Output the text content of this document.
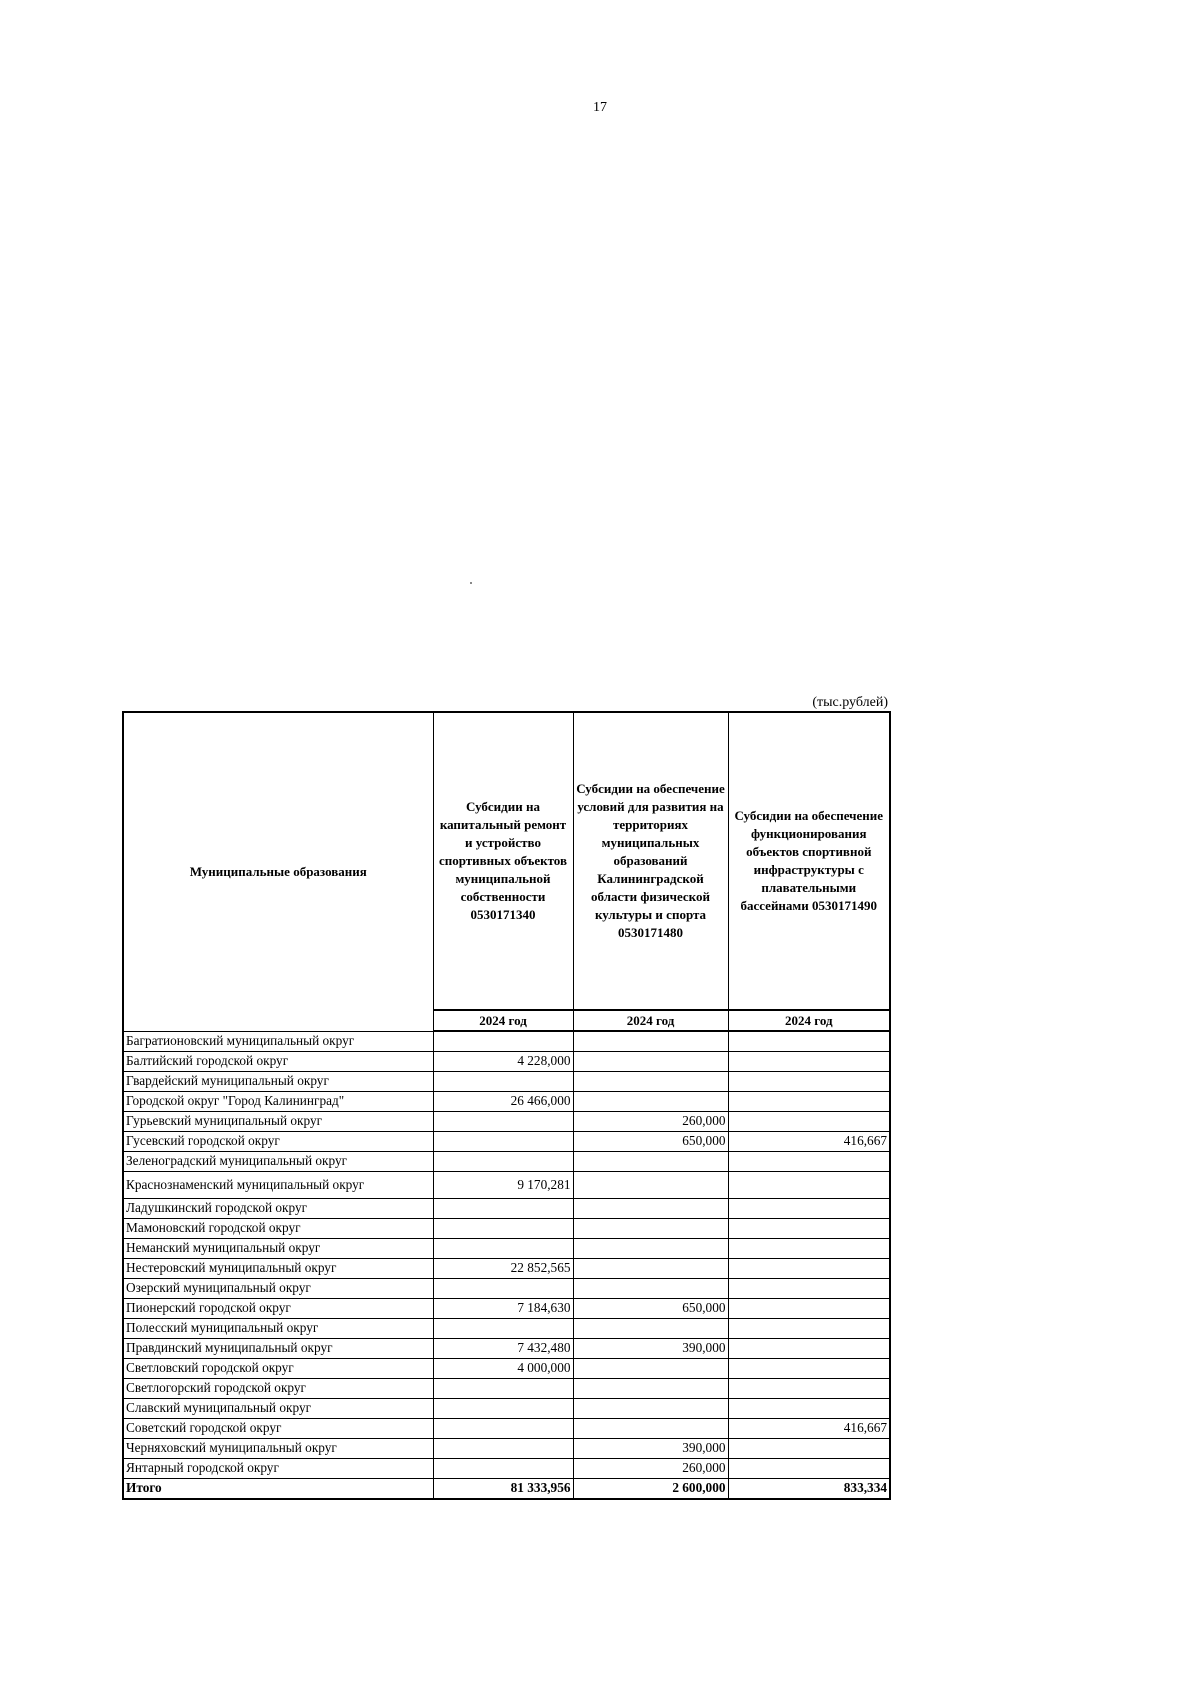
17
(тыс.рублей)
Муниципальные образования	Субсидии на капитальный ремонт и устройство спортивных объектов муниципальной собственности 0530171340	Субсидии на обеспечение условий для развития на территориях муниципальных образований Калининградской области физической культуры и спорта 0530171480	Субсидии на обеспечение функционирования объектов спортивной инфраструктуры с плавательными бассейнами 0530171490
	2024 год	2024 год	2024 год
Багратионовский муниципальный округ			
Балтийский городской округ	4 228,000		
Гвардейский муниципальный округ			
Городской округ "Город Калининград"	26 466,000		
Гурьевский муниципальный округ		260,000	
Гусевский городской округ		650,000	416,667
Зеленоградский муниципальный округ			
Краснознаменский муниципальный округ	9 170,281		
Ладушкинский городской округ			
Мамоновский городской округ			
Неманский муниципальный округ			
Нестеровский муниципальный округ	22 852,565		
Озерский муниципальный округ			
Пионерский городской округ	7 184,630	650,000	
Полесский муниципальный округ			
Правдинский муниципальный округ	7 432,480	390,000	
Светловский городской округ	4 000,000		
Светлогорский городской округ			
Славский муниципальный округ			
Советский городской округ			416,667
Черняховский муниципальный округ		390,000	
Янтарный городской округ		260,000	
Итого	81 333,956	2 600,000	833,334
